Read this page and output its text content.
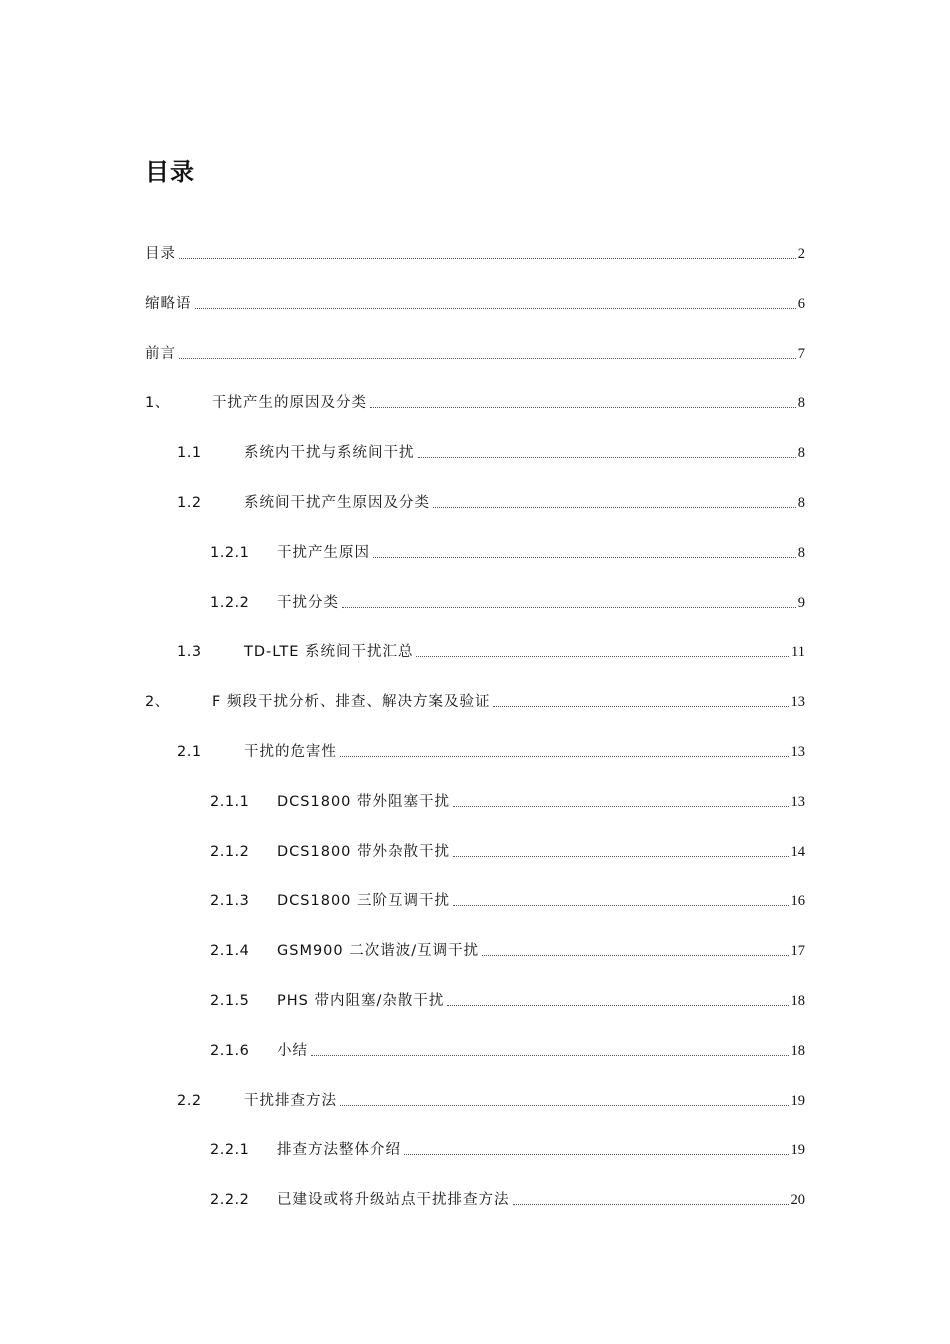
目录
目录	2
缩略语	6
前言	7
1、	干扰产生的原因及分类	8
1.1	系统内干扰与系统间干扰	8
1.2	系统间干扰产生原因及分类	8
1.2.1	干扰产生原因	8
1.2.2	干扰分类	9
1.3	TD-LTE 系统间干扰汇总	11
2、	F 频段干扰分析、排查、解决方案及验证	13
2.1	干扰的危害性	13
2.1.1	DCS1800 带外阻塞干扰	13
2.1.2	DCS1800 带外杂散干扰	14
2.1.3	DCS1800 三阶互调干扰	16
2.1.4	GSM900 二次谐波/互调干扰	17
2.1.5	PHS 带内阻塞/杂散干扰	18
2.1.6	小结	18
2.2	干扰排查方法	19
2.2.1	排查方法整体介绍	19
2.2.2	已建设或将升级站点干扰排查方法	20
